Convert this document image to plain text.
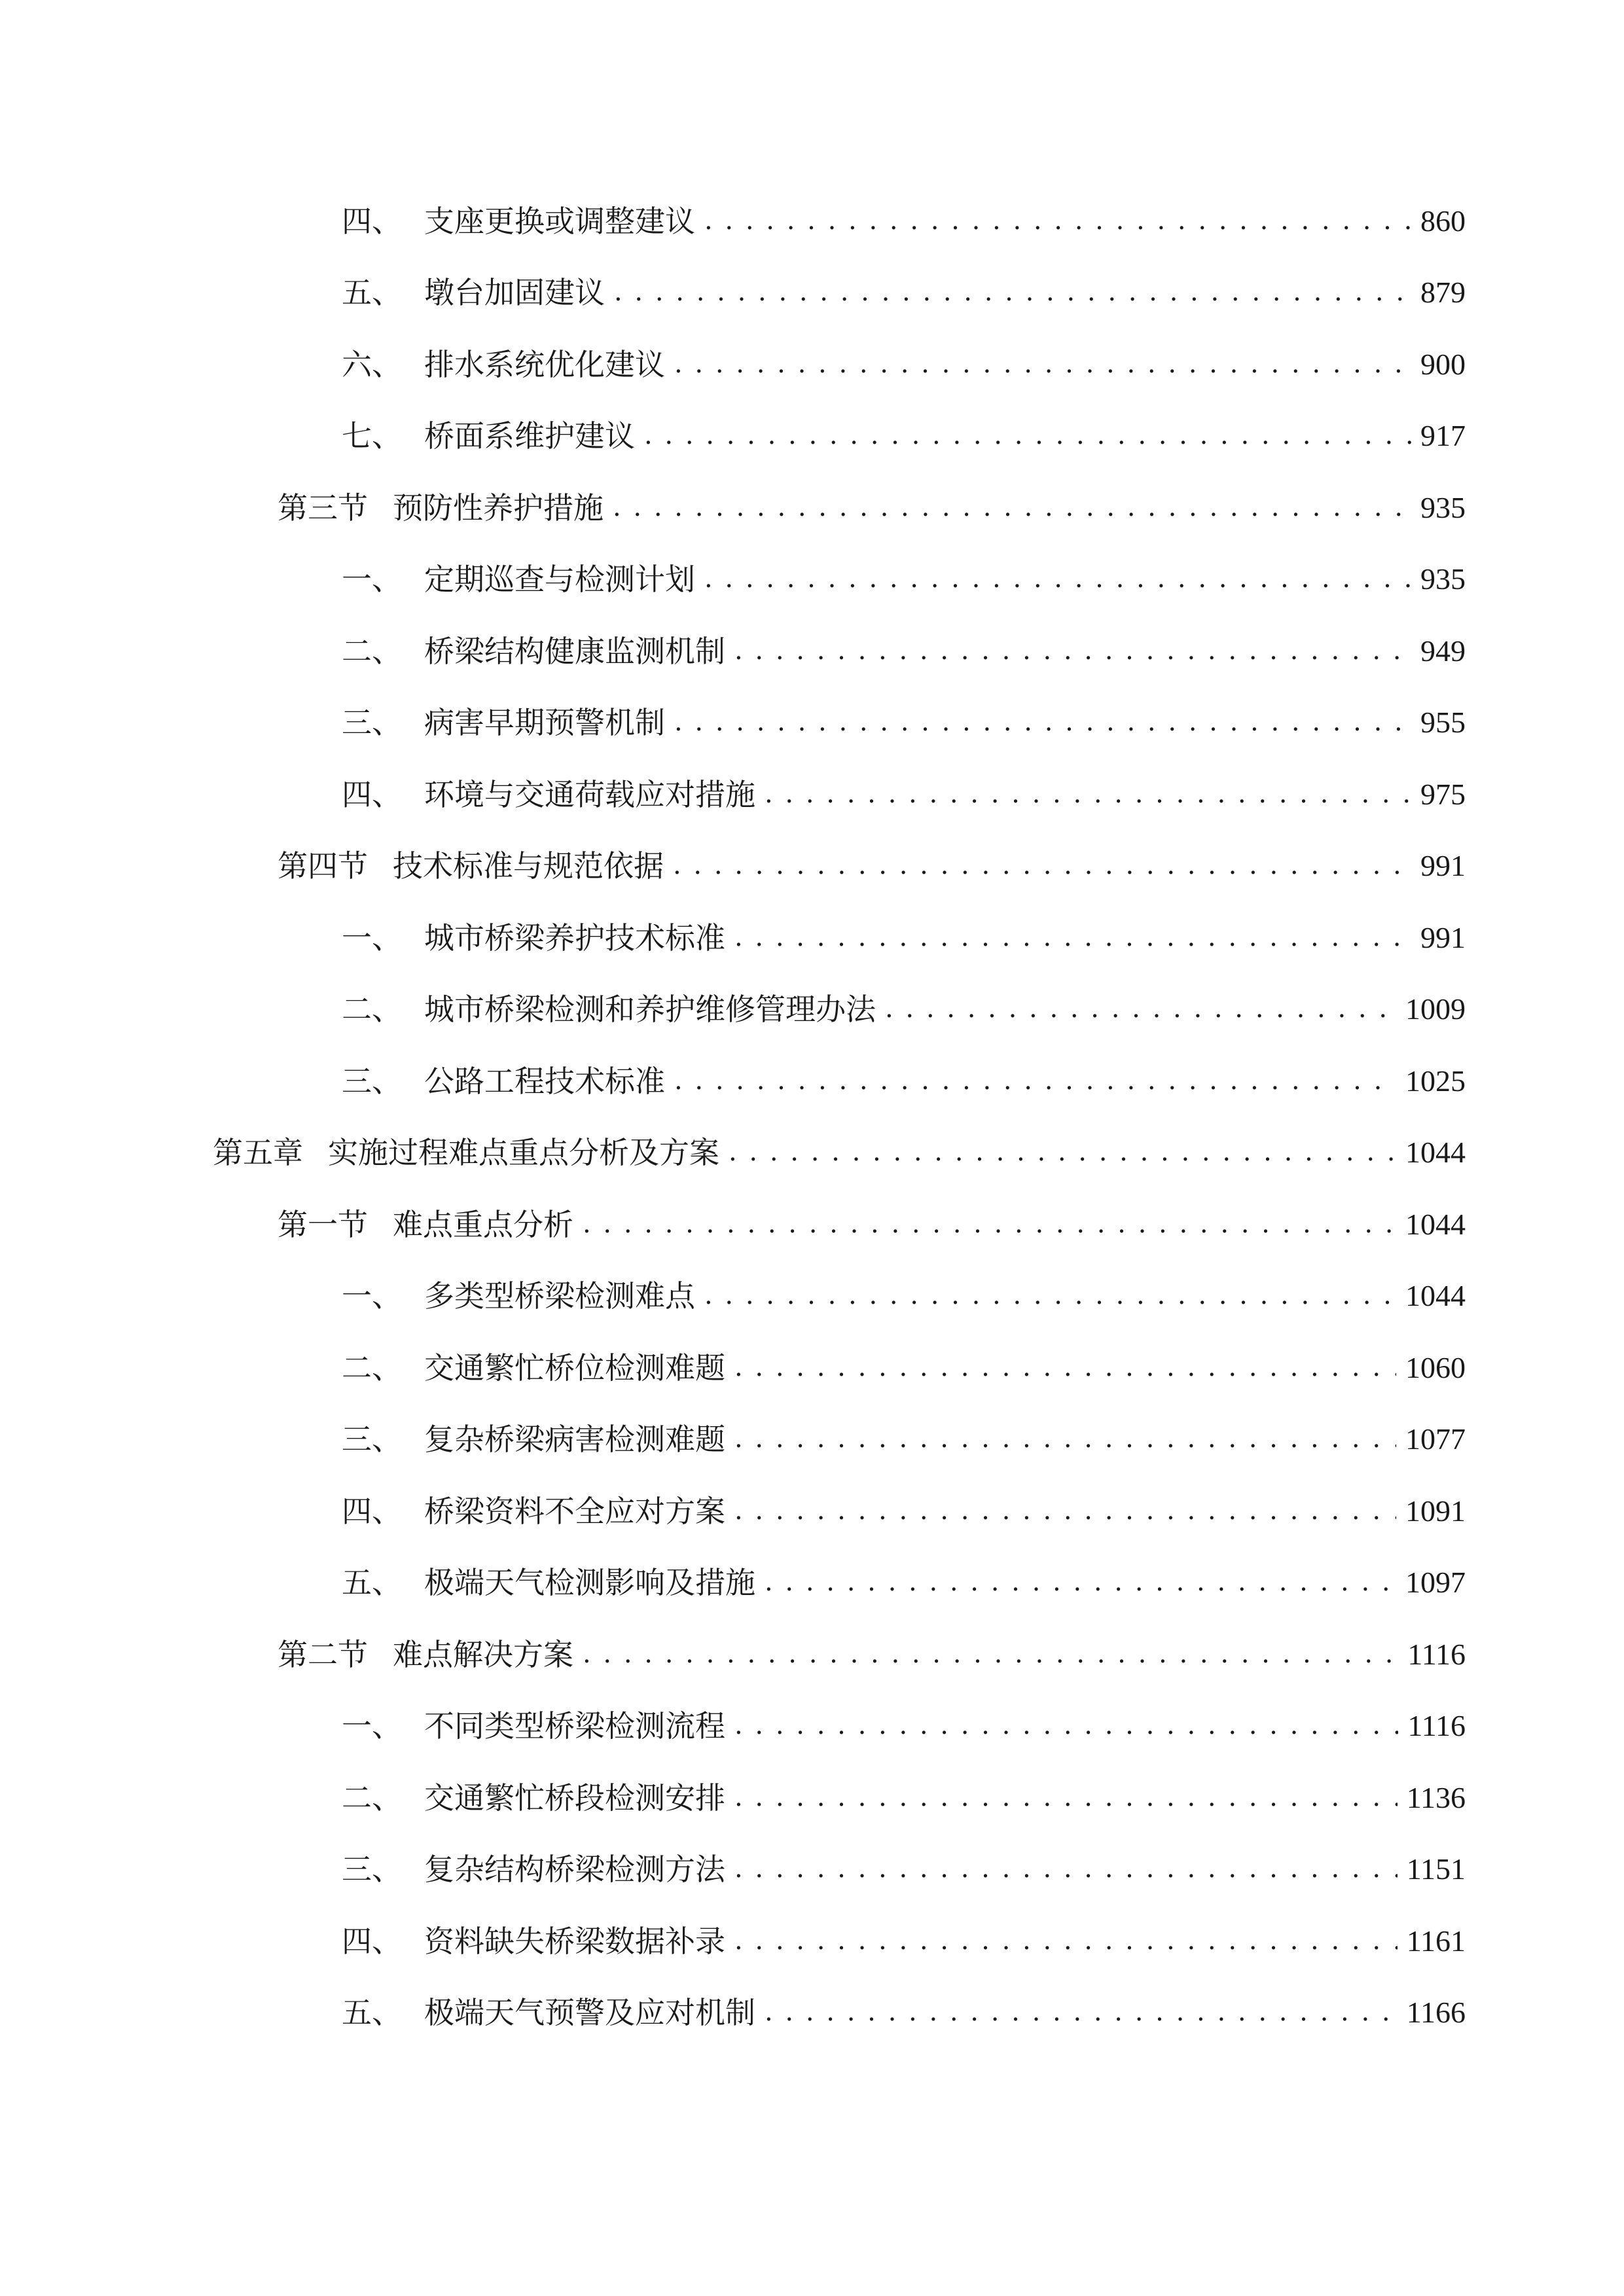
四、 支座更换或调整建议 . . .	860
五、 墩台加固建议 . . .	879
六、 排水系统优化建议 . . .	900
七、 桥面系维护建议 . . .	917
第三节 预防性养护措施 . . .	935
一、 定期巡查与检测计划 . . .	935
二、 桥梁结构健康监测机制 . . .	949
三、 病害早期预警机制 . . .	955
四、 环境与交通荷载应对措施 . . .	975
第四节 技术标准与规范依据 . . .	991
一、 城市桥梁养护技术标准 . . .	991
二、 城市桥梁检测和养护维修管理办法 . . .	1009
三、 公路工程技术标准 . . .	1025
第五章 实施过程难点重点分析及方案 . . .	1044
第一节 难点重点分析 . . .	1044
一、 多类型桥梁检测难点 . . .	1044
二、 交通繁忙桥位检测难题 . . .	1060
三、 复杂桥梁病害检测难题 . . .	1077
四、 桥梁资料不全应对方案 . . .	1091
五、 极端天气检测影响及措施 . . .	1097
第二节 难点解决方案 . . .	1116
一、 不同类型桥梁检测流程 . . .	1116
二、 交通繁忙桥段检测安排 . . .	1136
三、 复杂结构桥梁检测方法 . . .	1151
四、 资料缺失桥梁数据补录 . . .	1161
五、 极端天气预警及应对机制 . . .	1166
